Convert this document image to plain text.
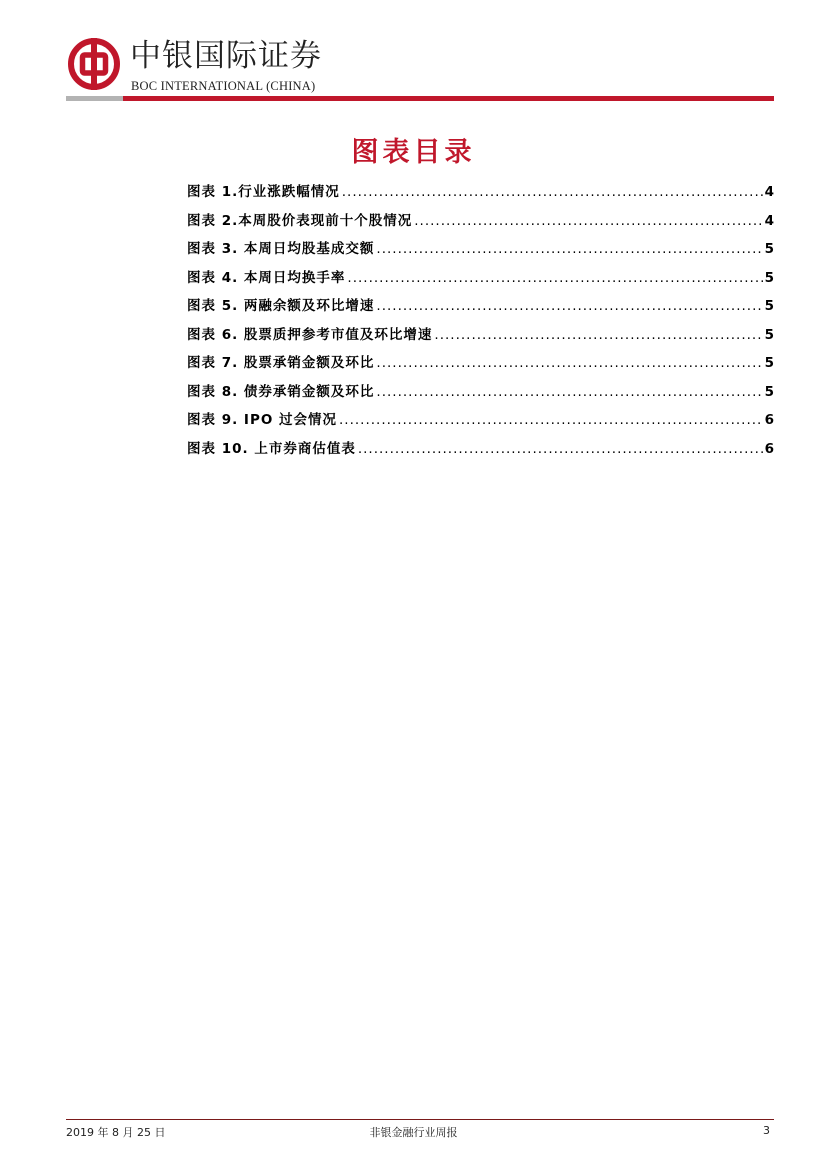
中银国际证券
BOC INTERNATIONAL (CHINA)
图表目录
图表 1.行业涨跌幅情况 .....	4
图表 2.本周股价表现前十个股情况 .....	4
图表 3. 本周日均股基成交额 .....	5
图表 4. 本周日均换手率 .....	5
图表 5. 两融余额及环比增速 .....	5
图表 6. 股票质押参考市值及环比增速 .....	5
图表 7. 股票承销金额及环比 .....	5
图表 8. 债券承销金额及环比 .....	5
图表 9. IPO 过会情况 .....	6
图表 10. 上市券商估值表 .....	6
2019 年 8 月 25 日	非银金融行业周报	3
